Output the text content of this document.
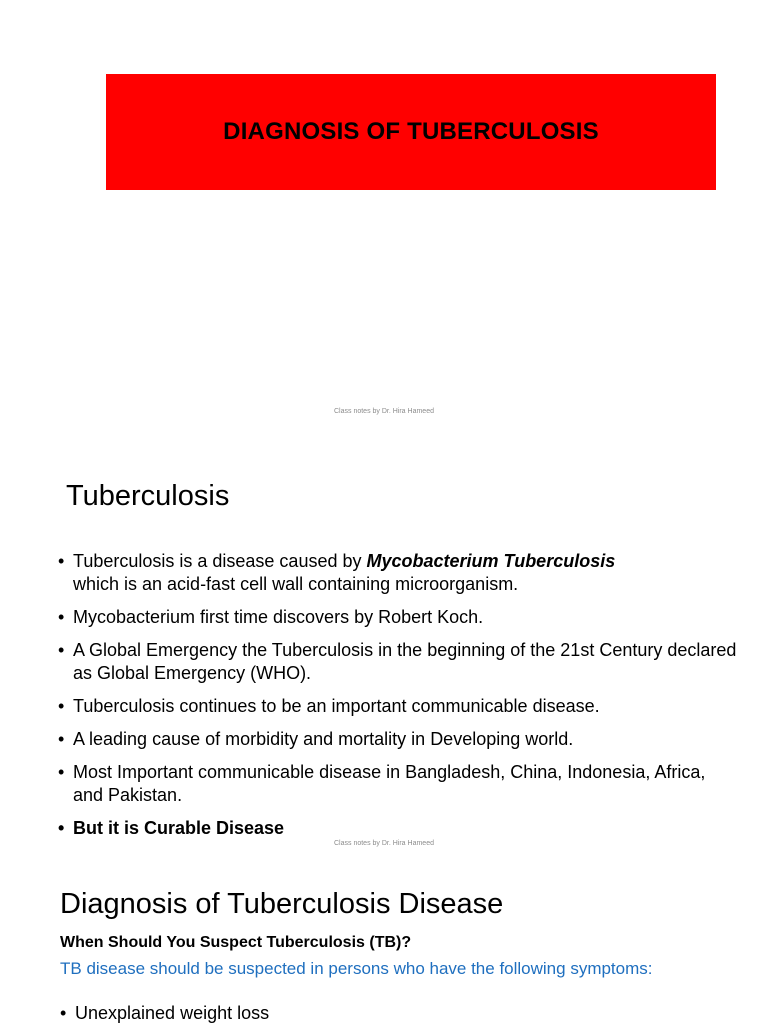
DIAGNOSIS OF TUBERCULOSIS
Class notes by Dr. Hira Hameed
Tuberculosis
• Tuberculosis is a disease caused by Mycobacterium Tuberculosis
which is an acid-fast cell wall containing microorganism.
• Mycobacterium first time discovers by Robert Koch.
• A Global Emergency the Tuberculosis in the beginning of the 21st Century declared as Global Emergency (WHO).
• Tuberculosis continues to be an important communicable disease.
• A leading cause of morbidity and mortality in Developing world.
• Most Important communicable disease in Bangladesh, China, Indonesia, Africa, and Pakistan.
• But it is Curable Disease
Class notes by Dr. Hira Hameed
Diagnosis of Tuberculosis Disease
When Should You Suspect Tuberculosis (TB)?
TB disease should be suspected in persons who have the following symptoms:
• Unexplained weight loss
